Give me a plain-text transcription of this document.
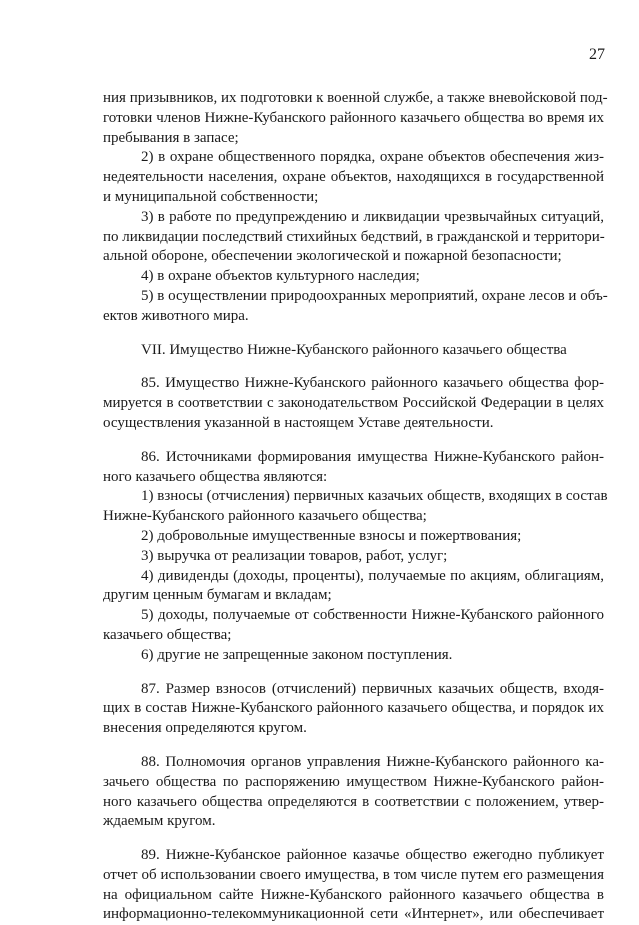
27
ния призывников, их подготовки к военной службе, а также вневойсковой под-
готовки членов Нижне-Кубанского районного казачьего общества во время их
пребывания в запасе;
2) в охране общественного порядка, охране объектов обеспечения жиз-
недеятельности населения, охране объектов, находящихся в государственной
и муниципальной собственности;
3) в работе по предупреждению и ликвидации чрезвычайных ситуаций,
по ликвидации последствий стихийных бедствий, в гражданской и территори-
альной обороне, обеспечении экологической и пожарной безопасности;
4) в охране объектов культурного наследия;
5) в осуществлении природоохранных мероприятий, охране лесов и объ-
ектов животного мира.
VII. Имущество Нижне-Кубанского районного казачьего общества
85. Имущество Нижне-Кубанского районного казачьего общества фор-
мируется в соответствии с законодательством Российской Федерации в целях
осуществления указанной в настоящем Уставе деятельности.
86. Источниками формирования имущества Нижне-Кубанского район-
ного казачьего общества являются:
1) взносы (отчисления) первичных казачьих обществ, входящих в состав
Нижне-Кубанского районного казачьего общества;
2) добровольные имущественные взносы и пожертвования;
3) выручка от реализации товаров, работ, услуг;
4) дивиденды (доходы, проценты), получаемые по акциям, облигациям,
другим ценным бумагам и вкладам;
5) доходы, получаемые от собственности Нижне-Кубанского районного
казачьего общества;
6) другие не запрещенные законом поступления.
87. Размер взносов (отчислений) первичных казачьих обществ, входя-
щих в состав Нижне-Кубанского районного казачьего общества, и порядок их
внесения определяются кругом.
88. Полномочия органов управления Нижне-Кубанского районного ка-
зачьего общества по распоряжению имуществом Нижне-Кубанского район-
ного казачьего общества определяются в соответствии с положением, утвер-
ждаемым кругом.
89. Нижне-Кубанское районное казачье общество ежегодно публикует
отчет об использовании своего имущества, в том числе путем его размещения
на официальном сайте Нижне-Кубанского районного казачьего общества в
информационно-телекоммуникационной сети «Интернет», или обеспечивает
